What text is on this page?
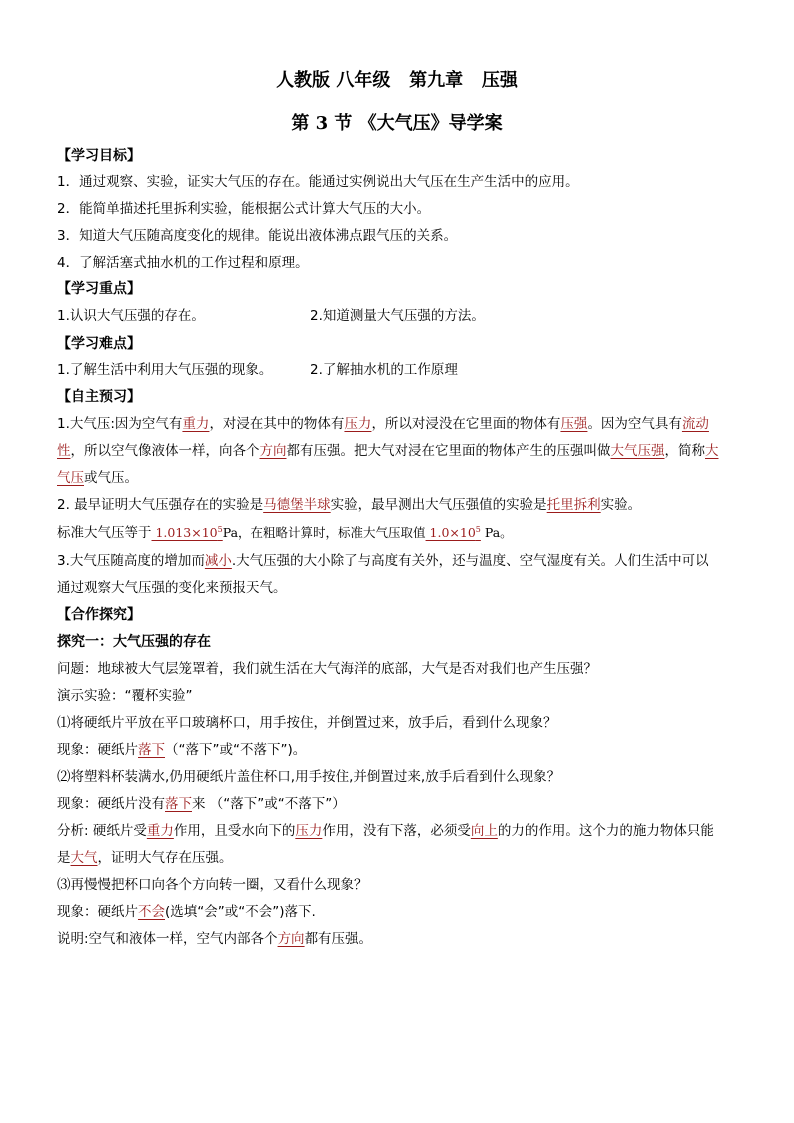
人教版 八年级   第九章   压强
第 3 节 《大气压》导学案
【学习目标】
1．通过观察、实验，证实大气压的存在。能通过实例说出大气压在生产生活中的应用。
2．能简单描述托里拆利实验，能根据公式计算大气压的大小。
3．知道大气压随高度变化的规律。能说出液体沸点跟气压的关系。
4．了解活塞式抽水机的工作过程和原理。
【学习重点】
1.认识大气压强的存在。	2.知道测量大气压强的方法。
【学习难点】
1.了解生活中利用大气压强的现象。	2.了解抽水机的工作原理
【自主预习】
1.大气压:因为空气有重力，对浸在其中的物体有压力，所以对浸没在它里面的物体有压强。因为空气具有流动
性，所以空气像液体一样，向各个方向都有压强。把大气对浸在它里面的物体产生的压强叫做大气压强，简称大
气压或气压。
2. 最早证明大气压强存在的实验是马德堡半球实验，最早测出大气压强值的实验是托里拆利实验。
标准大气压等于 $1.013\times 10^5Pa$，在粗略计算时，标准大气压取值 $1.0\times 10^5$ Pa。
3.大气压随高度的增加而减小.大气压强的大小除了与高度有关外，还与温度、空气湿度有关。人们生活中可以
通过观察大气压强的变化来预报天气。
【合作探究】
探究一：大气压强的存在
问题：地球被大气层笼罩着，我们就生活在大气海洋的底部，大气是否对我们也产生压强？
演示实验：“覆杯实验”
⑴将硬纸片平放在平口玻璃杯口，用手按住，并倒置过来，放手后，看到什么现象？
现象：硬纸片落下（“落下”或“不落下”)。
⑵将塑料杯装满水,仍用硬纸片盖住杯口,用手按住,并倒置过来,放手后看到什么现象？
现象：硬纸片没有落下来 （“落下”或“不落下”）
分析: 硬纸片受重力作用，且受水向下的压力作用，没有下落，必须受向上的力的作用。这个力的施力物体只能
是大气，证明大气存在压强。
⑶再慢慢把杯口向各个方向转一圈，又看什么现象？
现象：硬纸片不会(选填“会”或“不会”)落下.
说明:空气和液体一样，空气内部各个方向都有压强。
